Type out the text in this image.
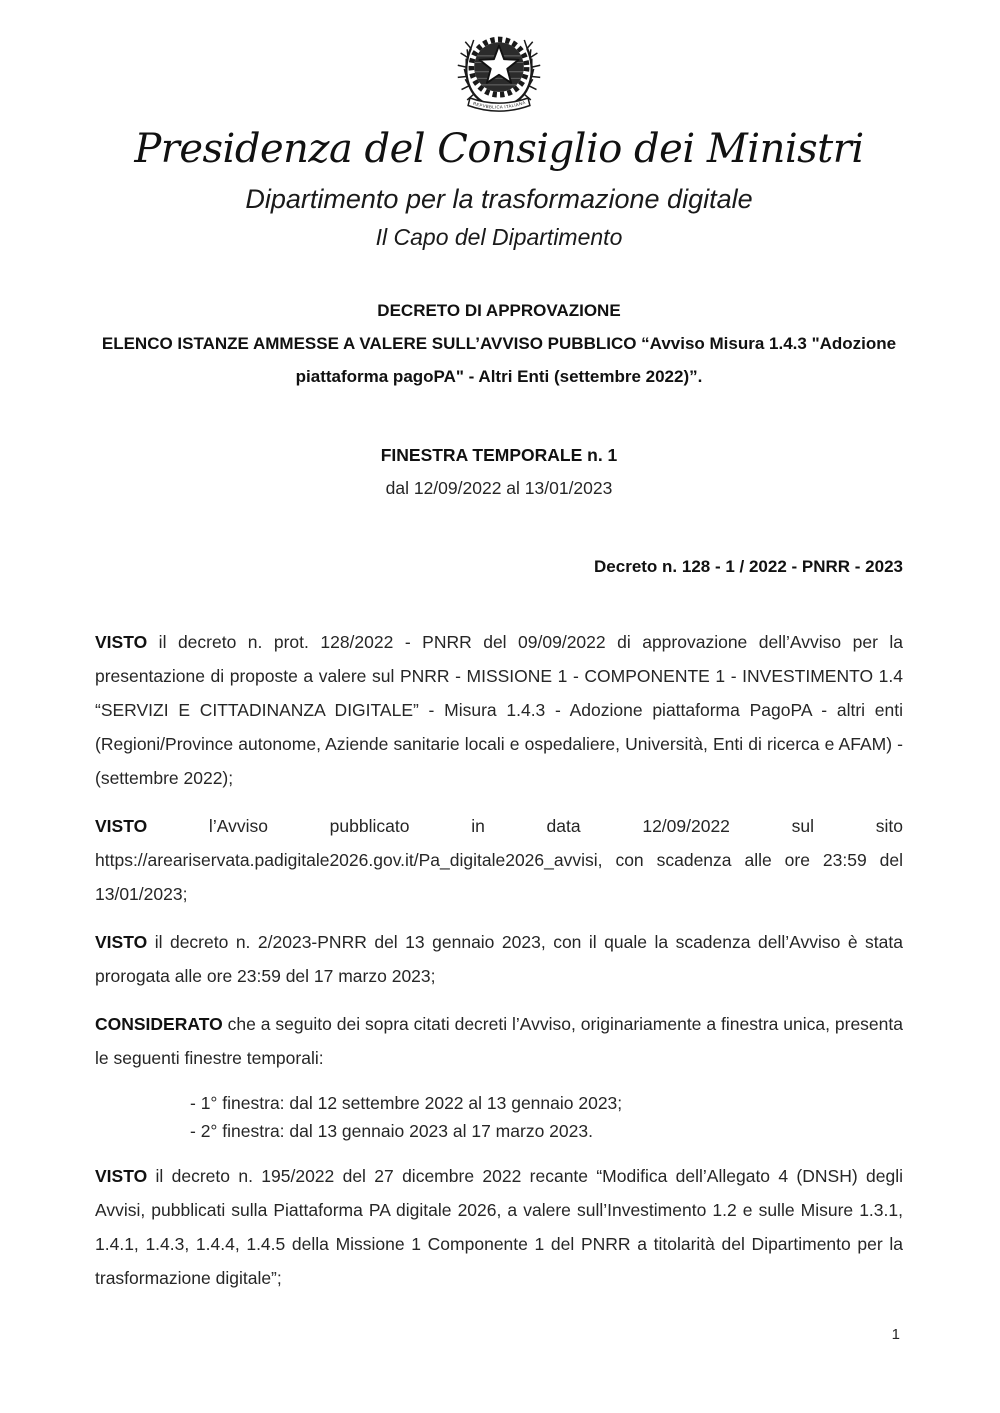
REPVBBLICA ITALIANA
Presidenza del Consiglio dei Ministri
Dipartimento per la trasformazione digitale
Il Capo del Dipartimento
DECRETO DI APPROVAZIONE
ELENCO ISTANZE AMMESSE A VALERE SULL’AVVISO PUBBLICO “Avviso Misura 1.4.3 "Adozione piattaforma pagoPA" - Altri Enti (settembre 2022)”.
FINESTRA TEMPORALE n. 1
dal 12/09/2022 al 13/01/2023
Decreto n. 128 - 1 / 2022 - PNRR - 2023

VISTO il decreto n. prot. 128/2022 - PNRR del 09/09/2022 di approvazione dell’Avviso per la presentazione di proposte a valere sul PNRR - MISSIONE 1 - COMPONENTE 1 - INVESTIMENTO 1.4 “SERVIZI E CITTADINANZA DIGITALE” - Misura 1.4.3 - Adozione piattaforma PagoPA - altri enti (Regioni/Province autonome, Aziende sanitarie locali e ospedaliere, Università, Enti di ricerca e AFAM) - (settembre 2022);

VISTO l’Avviso pubblicato in data 12/09/2022 sul sito https://areariservata.padigitale2026.gov.it/Pa_digitale2026_avvisi, con scadenza alle ore 23:59 del 13/01/2023;

VISTO il decreto n. 2/2023-PNRR del 13 gennaio 2023, con il quale la scadenza dell’Avviso è stata prorogata alle ore 23:59 del 17 marzo 2023;

CONSIDERATO che a seguito dei sopra citati decreti l’Avviso, originariamente a finestra unica, presenta le seguenti finestre temporali:

- 1° finestra: dal 12 settembre 2022 al 13 gennaio 2023;
- 2° finestra: dal 13 gennaio 2023 al 17 marzo 2023.

VISTO il decreto n. 195/2022 del 27 dicembre 2022 recante “Modifica dell’Allegato 4 (DNSH) degli Avvisi, pubblicati sulla Piattaforma PA digitale 2026, a valere sull’Investimento 1.2 e sulle Misure 1.3.1, 1.4.1, 1.4.3, 1.4.4, 1.4.5 della Missione 1 Componente 1 del PNRR a titolarità del Dipartimento per la trasformazione digitale”;

1
